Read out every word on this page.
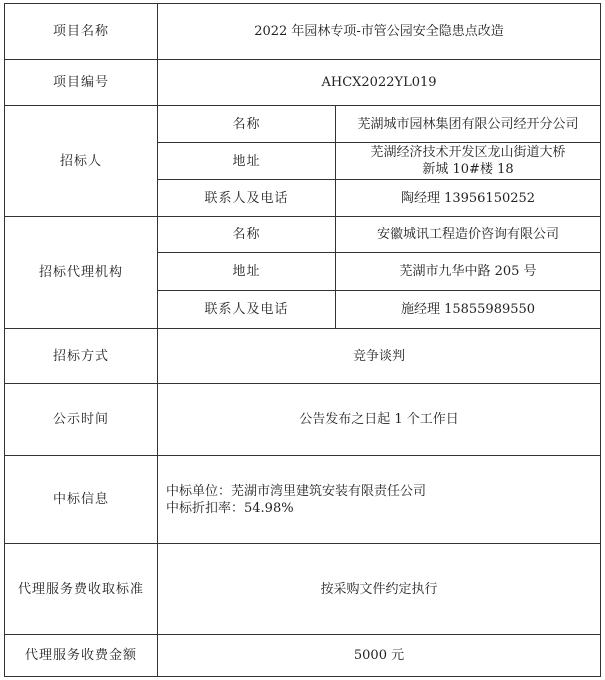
项目名称	2022 年园林专项-市管公园安全隐患点改造	
项目编号	AHCX2022YL019	
招标人	名称	芜湖城市园林集团有限公司经开分公司
	地址	芜湖经济技术开发区龙山街道大桥
新城 10#楼 18

	联系人及电话	陶经理 13956150252
招标代理机构	名称	安徽城讯工程造价咨询有限公司
	地址	芜湖市九华中路 205 号
	联系人及电话	施经理 15855989550
招标方式	竞争谈判	
公示时间	公告发布之日起 1 个工作日	
中标信息	中标单位：芜湖市湾里建筑安装有限责任公司
中标折扣率：54.98%	

代理服务费收取标准	按采购文件约定执行	
代理服务收费金额	5000 元	
